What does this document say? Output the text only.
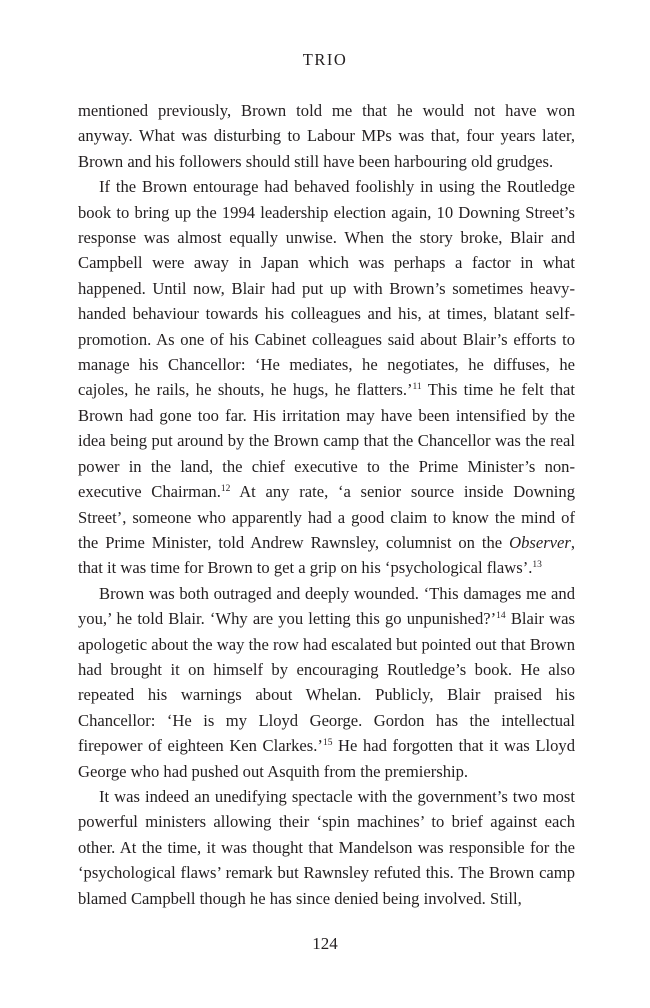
TRIO

mentioned previously, Brown told me that he would not have won anyway. What was disturbing to Labour MPs was that, four years later, Brown and his followers should still have been harbouring old grudges.

If the Brown entourage had behaved foolishly in using the Routledge book to bring up the 1994 leadership election again, 10 Downing Street’s response was almost equally unwise. When the story broke, Blair and Campbell were away in Japan which was perhaps a factor in what happened. Until now, Blair had put up with Brown’s sometimes heavy-handed behaviour towards his colleagues and his, at times, blatant self-promotion. As one of his Cabinet colleagues said about Blair’s efforts to manage his Chancellor: ‘He mediates, he negotiates, he diffuses, he cajoles, he rails, he shouts, he hugs, he flatters.’$^{11}$ This time he felt that Brown had gone too far. His irritation may have been intensified by the idea being put around by the Brown camp that the Chancellor was the real power in the land, the chief executive to the Prime Minister’s non-executive Chairman.$^{12}$ At any rate, ‘a senior source inside Downing Street’, someone who apparently had a good claim to know the mind of the Prime Minister, told Andrew Rawnsley, columnist on the Observer, that it was time for Brown to get a grip on his ‘psychological flaws’.$^{13}$

Brown was both outraged and deeply wounded. ‘This damages me and you,’ he told Blair. ‘Why are you letting this go unpunished?’$^{14}$ Blair was apologetic about the way the row had escalated but pointed out that Brown had brought it on himself by encouraging Routledge’s book. He also repeated his warnings about Whelan. Publicly, Blair praised his Chancellor: ‘He is my Lloyd George. Gordon has the intellectual firepower of eighteen Ken Clarkes.’$^{15}$ He had forgotten that it was Lloyd George who had pushed out Asquith from the premiership.

It was indeed an unedifying spectacle with the government’s two most powerful ministers allowing their ‘spin machines’ to brief against each other. At the time, it was thought that Mandelson was responsible for the ‘psychological flaws’ remark but Rawnsley refuted this. The Brown camp blamed Campbell though he has since denied being involved. Still,

124
